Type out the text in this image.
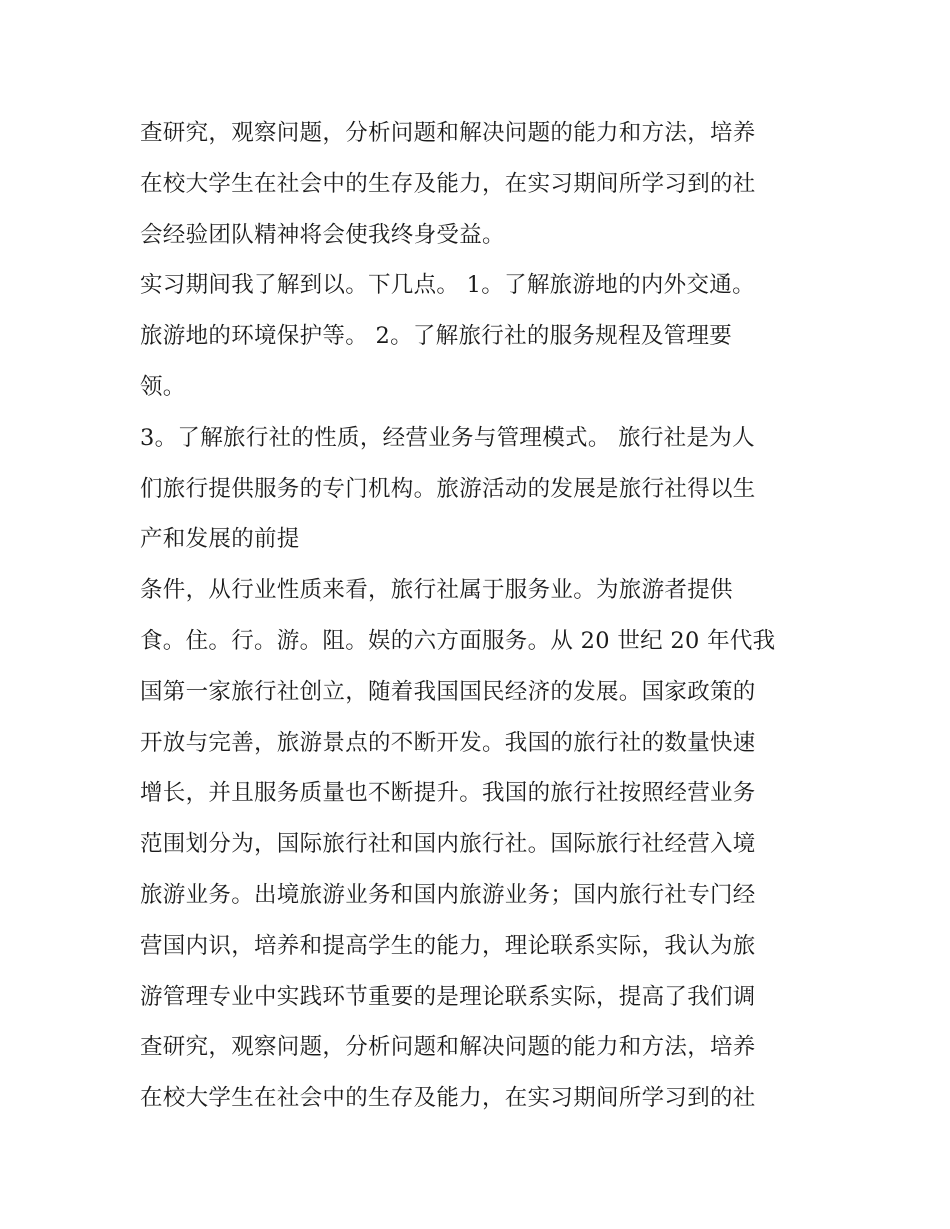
查研究，观察问题，分析问题和解决问题的能力和方法，培养
在校大学生在社会中的生存及能力，在实习期间所学习到的社
会经验团队精神将会使我终身受益。
实习期间我了解到以。下几点。 1。了解旅游地的内外交通。
旅游地的环境保护等。 2。了解旅行社的服务规程及管理要
领。
3。了解旅行社的性质，经营业务与管理模式。 旅行社是为人
们旅行提供服务的专门机构。旅游活动的发展是旅行社得以生
产和发展的前提
条件，从行业性质来看，旅行社属于服务业。为旅游者提供
食。住。行。游。阻。娱的六方面服务。从 20 世纪 20 年代我
国第一家旅行社创立，随着我国国民经济的发展。国家政策的
开放与完善，旅游景点的不断开发。我国的旅行社的数量快速
增长，并且服务质量也不断提升。我国的旅行社按照经营业务
范围划分为，国际旅行社和国内旅行社。国际旅行社经营入境
旅游业务。出境旅游业务和国内旅游业务；国内旅行社专门经
营国内识，培养和提高学生的能力，理论联系实际，我认为旅
游管理专业中实践环节重要的是理论联系实际，提高了我们调
查研究，观察问题，分析问题和解决问题的能力和方法，培养
在校大学生在社会中的生存及能力，在实习期间所学习到的社
